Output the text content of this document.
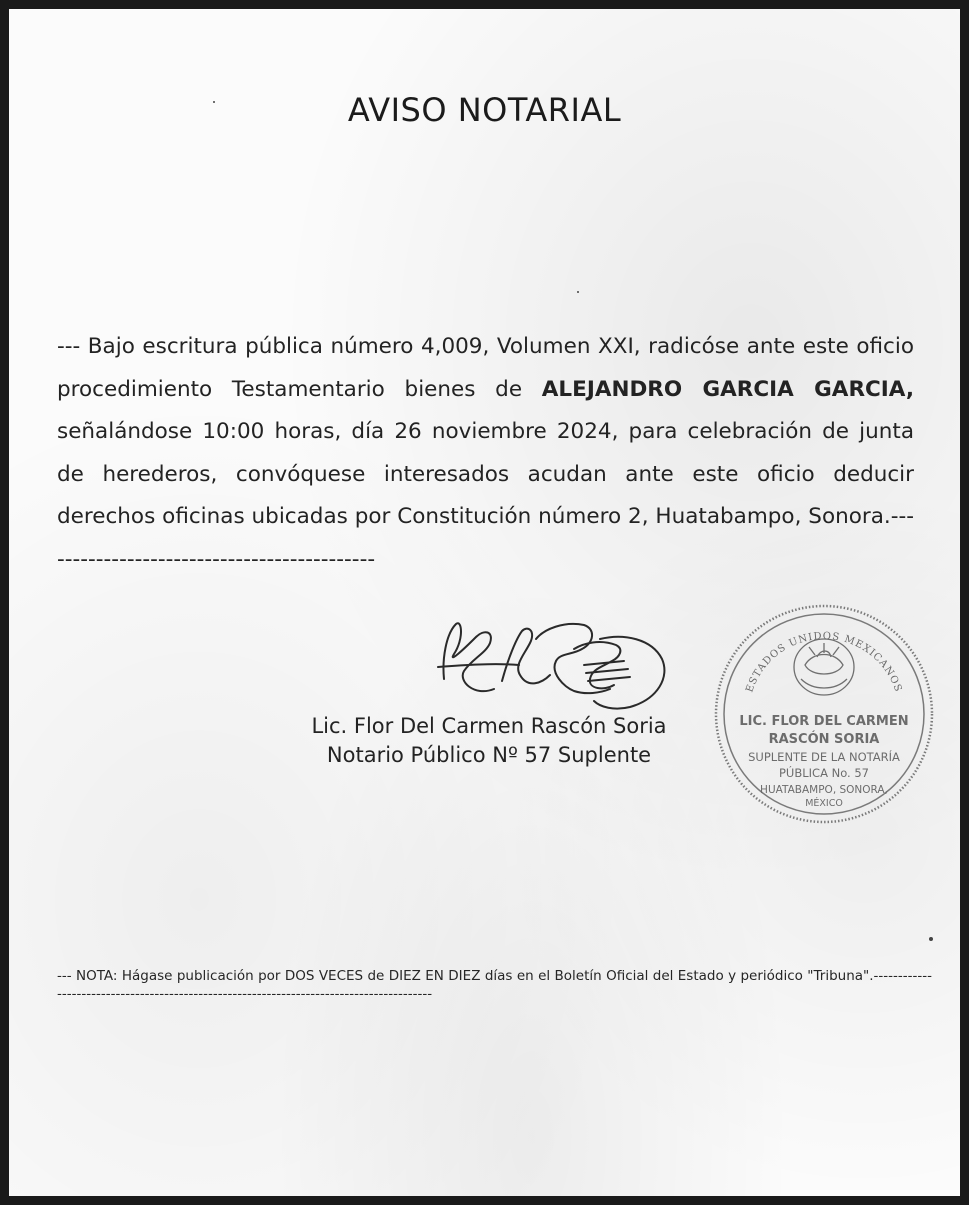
AVISO NOTARIAL
--- Bajo escritura pública número 4,009, Volumen XXI, radicóse ante este oficio procedimiento Testamentario bienes de ALEJANDRO GARCIA GARCIA, señalándose 10:00 horas, día 26 noviembre 2024, para celebración de junta de herederos, convóquese interesados acudan ante este oficio deducir derechos oficinas ubicadas por Constitución número 2, Huatabampo, Sonora.--------------------------------------------
Lic. Flor Del Carmen Rascón Soria
Notario Público Nº 57 Suplente
ESTADOS UNIDOS MEXICANOS
LIC. FLOR DEL CARMEN
RASCÓN SORIA
SUPLENTE DE LA NOTARÍA
PÚBLICA No. 57
HUATABAMPO, SONORA,
MÉXICO
--- NOTA: Hágase publicación por DOS VECES de DIEZ EN DIEZ días en el Boletín Oficial del Estado y periódico "Tribuna".-----------------------------------------------------------------------------------------
